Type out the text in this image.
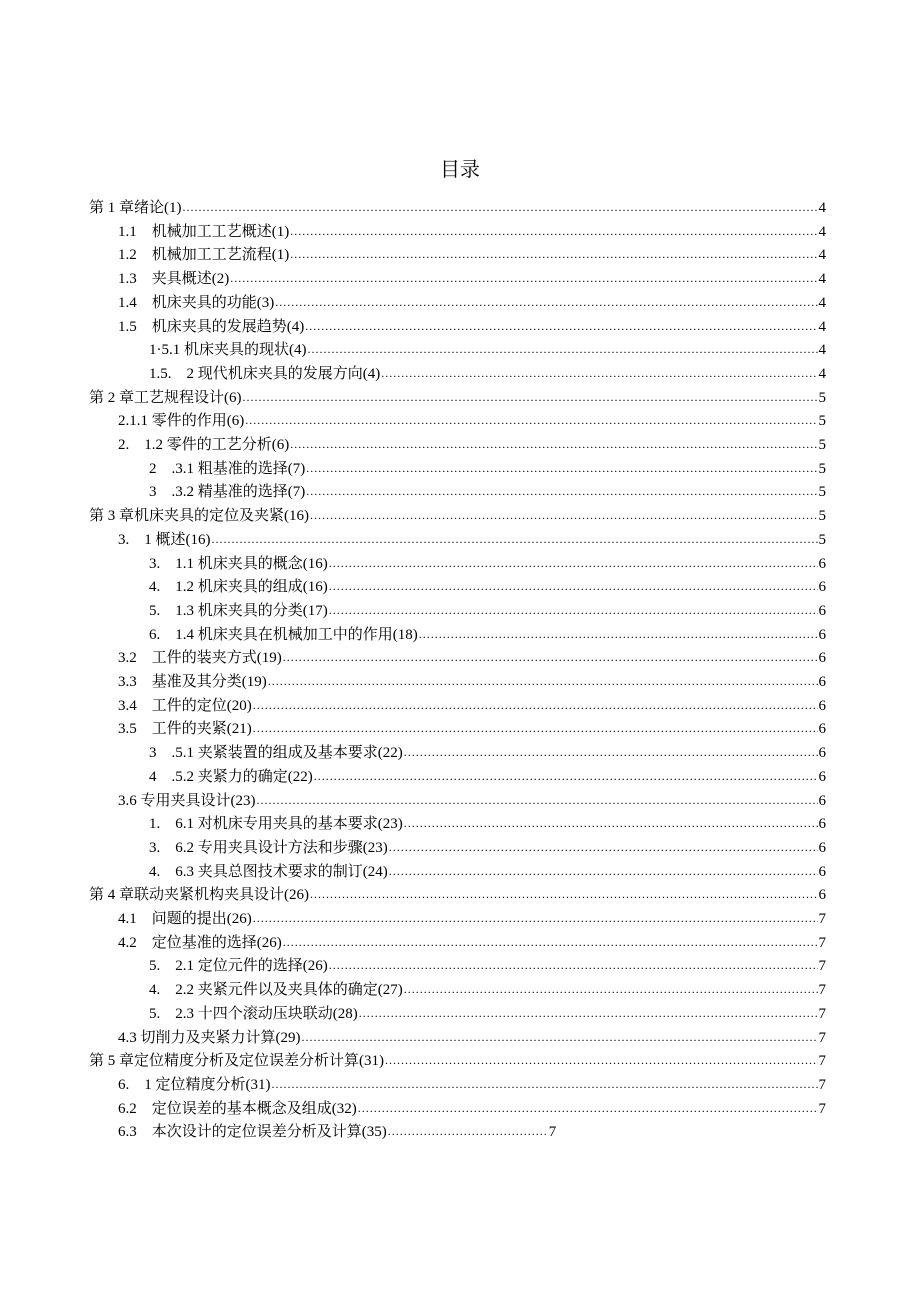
目录
第 1 章绪论(1) .....	4
1.1　机械加工工艺概述(1) .....	4
1.2　机械加工工艺流程(1) .....	4
1.3　夹具概述(2) .....	4
1.4　机床夹具的功能(3) .....	4
1.5　机床夹具的发展趋势(4) .....	4
1·5.1 机床夹具的现状(4) .....	4
1.5.　2 现代机床夹具的发展方向(4) .....	4
第 2 章工艺规程设计(6) .....	5
2.1.1 零件的作用(6) .....	5
2.　1.2 零件的工艺分析(6) .....	5
2　.3.1 粗基准的选择(7) .....	5
3　.3.2 精基准的选择(7) .....	5
第 3 章机床夹具的定位及夹紧(16) .....	5
3.　1 概述(16) .....	5
3.　1.1 机床夹具的概念(16) .....	6
4.　1.2 机床夹具的组成(16) .....	6
5.　1.3 机床夹具的分类(17) .....	6
6.　1.4 机床夹具在机械加工中的作用(18) .....	6
3.2　工件的装夹方式(19) .....	6
3.3　基准及其分类(19) .....	6
3.4　工件的定位(20) .....	6
3.5　工件的夹紧(21) .....	6
3　.5.1 夹紧装置的组成及基本要求(22) .....	6
4　.5.2 夹紧力的确定(22) .....	6
3.6 专用夹具设计(23) .....	6
1.　6.1 对机床专用夹具的基本要求(23) .....	6
3.　6.2 专用夹具设计方法和步骤(23) .....	6
4.　6.3 夹具总图技术要求的制订(24) .....	6
第 4 章联动夹紧机构夹具设计(26) .....	6
4.1　问题的提出(26) .....	7
4.2　定位基准的选择(26) .....	7
5.　2.1 定位元件的选择(26) .....	7
4.　2.2 夹紧元件以及夹具体的确定(27) .....	7
5.　2.3 十四个滚动压块联动(28) .....	7
4.3 切削力及夹紧力计算(29) .....	7
第 5 章定位精度分析及定位误差分析计算(31) .....	7
6.　1 定位精度分析(31) .....	7
6.2　定位误差的基本概念及组成(32) .....	7
6.3　本次设计的定位误差分析及计算(35) .....	7
